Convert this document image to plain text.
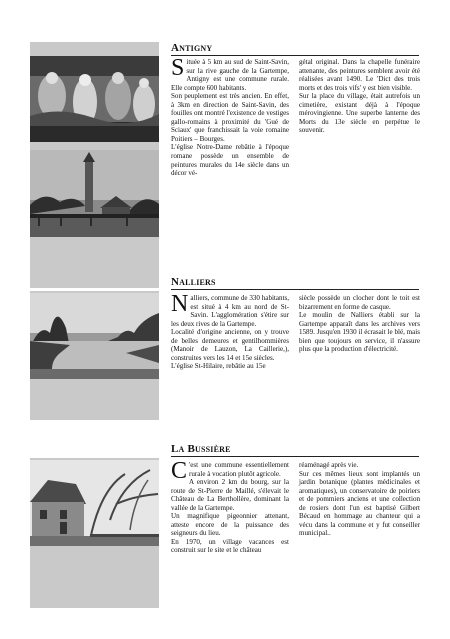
Antigny
S ituée à 5 km au sud de Saint-Savin, sur la rive gauche de la Gartempe, Antigny est une commune rurale. Elle compte 600 habitants.

Son peuplement est très ancien. En effet, à 3km en direction de Saint-Savin, des fouilles ont montré l'existence de vestiges gallo-romains à proximité du 'Gué de Sciaux' que franchissait la voie romaine Poitiers – Bourges.

L'église Notre-Dame rebâtie à l'époque romane possède un ensemble de peintures murales du 14e siècle dans un décor vé-

gétal original. Dans la chapelle funéraire attenante, des peintures semblent avoir été réalisées avant 1490. Le 'Dict des trois morts et des trois vifs' y est bien visible.

Sur la place du village, était autrefois un cimetière, existant déjà à l'époque mérovingienne. Une superbe lanterne des Morts du 13e siècle en perpétue le souvenir.

Nalliers
N alliers, commune de 330 habitants, est situé à 4 km au nord de St-Savin. L'agglomération s'étire sur les deux rives de la Gartempe.

Localité d'origine ancienne, on y trouve de belles demeures et gentilhommières (Manoir de Lauzon, La Caillerie,), construites vers les 14 et 15e siècles.

L'église St-Hilaire, rebâtie au 15e

siècle possède un clocher dont le toit est bizarrement en forme de casque.

Le moulin de Nalliers établi sur la Gartempe apparaît dans les archives vers 1589. Jusqu'en 1930 il écrasait le blé, mais bien que toujours en service, il n'assure plus que la production d'électricité.

La Bussière
C 'est une commune essentiellement rurale à vocation plutôt agricole.

A environ 2 km du bourg, sur la route de St-Pierre de Maillé, s'élevait le Château de La Berthollère, dominant la vallée de la Gartempe.

Un magnifique pigeonnier attenant, atteste encore de la puissance des seigneurs du lieu.

En 1970, un village vacances est construit sur le site et le château

réaménagé après vie.

Sur ces mêmes lieux sont implantés un jardin botanique (plantes médicinales et aromatiques), un conservatoire de poiriers et de pommiers anciens et une collection de rosiers dont l'un est baptisé Gilbert Bécaud en hommage au chanteur qui a vécu dans la commune et y fut conseiller municipal..
